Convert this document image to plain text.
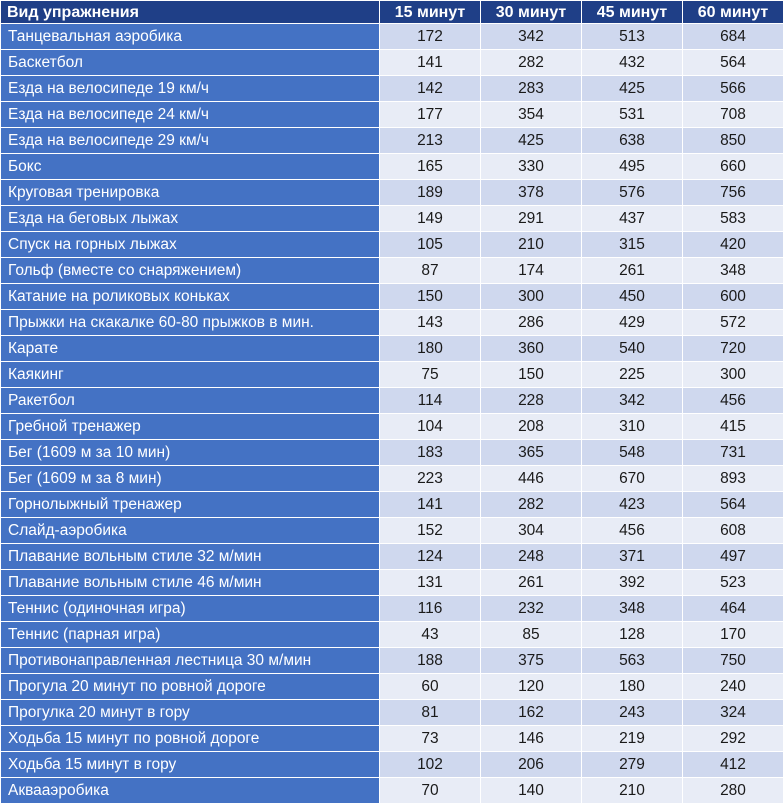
Вид упражнения	15 минут	30 минут	45 минут	60 минут
Танцевальная аэробика	172	342	513	684
Баскетбол	141	282	432	564
Езда на велосипеде 19 км/ч	142	283	425	566
Езда на велосипеде 24 км/ч	177	354	531	708
Езда на велосипеде 29 км/ч	213	425	638	850
Бокс	165	330	495	660
Круговая тренировка	189	378	576	756
Езда на беговых лыжах	149	291	437	583
Спуск на горных лыжах	105	210	315	420
Гольф (вместе со снаряжением)	87	174	261	348
Катание на роликовых коньках	150	300	450	600
Прыжки на скакалке 60-80 прыжков в мин.	143	286	429	572
Карате	180	360	540	720
Каякинг	75	150	225	300
Ракетбол	114	228	342	456
Гребной тренажер	104	208	310	415
Бег (1609 м за 10 мин)	183	365	548	731
Бег (1609 м за 8 мин)	223	446	670	893
Горнолыжный тренажер	141	282	423	564
Слайд-аэробика	152	304	456	608
Плавание вольным стиле 32 м/мин	124	248	371	497
Плавание вольным стиле 46 м/мин	131	261	392	523
Теннис (одиночная игра)	116	232	348	464
Теннис (парная игра)	43	85	128	170
Противонаправленная лестница 30 м/мин	188	375	563	750
Прогула 20 минут по ровной дороге	60	120	180	240
Прогулка 20 минут в гору	81	162	243	324
Ходьба 15 минут по ровной дороге	73	146	219	292
Ходьба 15 минут в гору	102	206	279	412
Аквааэробика	70	140	210	280
